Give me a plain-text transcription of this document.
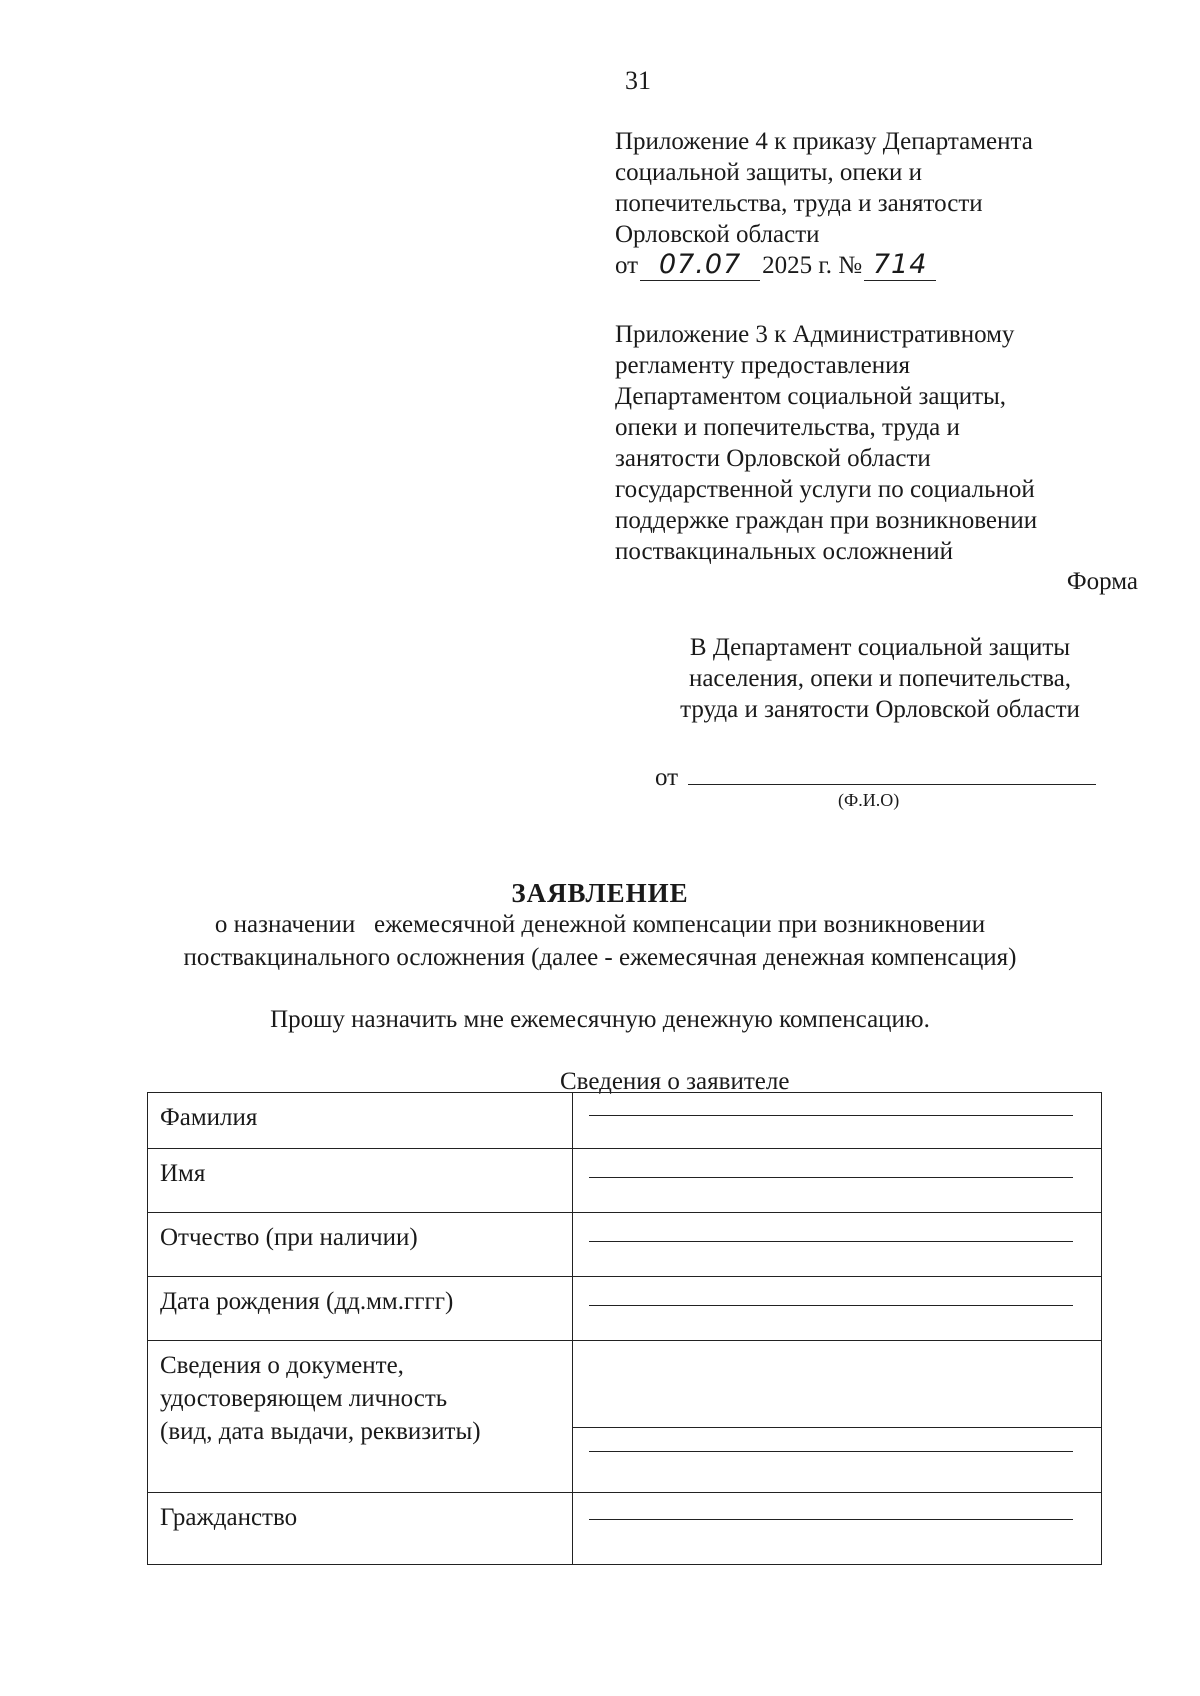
31
Приложение 4 к приказу Департамента
социальной защиты, опеки и
попечительства, труда и занятости
Орловской области
от 07.07 2025 г. № 714
Приложение 3 к Административному
регламенту предоставления
Департаментом социальной защиты,
опеки и попечительства, труда и
занятости Орловской области
государственной услуги по социальной
поддержке граждан при возникновении
поствакцинальных осложнений
Форма
В Департамент социальной защиты
населения, опеки и попечительства,
труда и занятости Орловской области
от
(Ф.И.О)
ЗАЯВЛЕНИЕ
о назначении   ежемесячной денежной компенсации при возникновении
поствакцинального осложнения (далее - ежемесячная денежная компенсация)
Прошу назначить мне ежемесячную денежную компенсацию.
Сведения о заявителе
Фамилия	

Имя	

Отчество (при наличии)	

Дата рождения (дд.мм.гггг)	

Сведения о документе,
удостоверяющем личность
(вид, дата выдачи, реквизиты)	

Гражданство	
